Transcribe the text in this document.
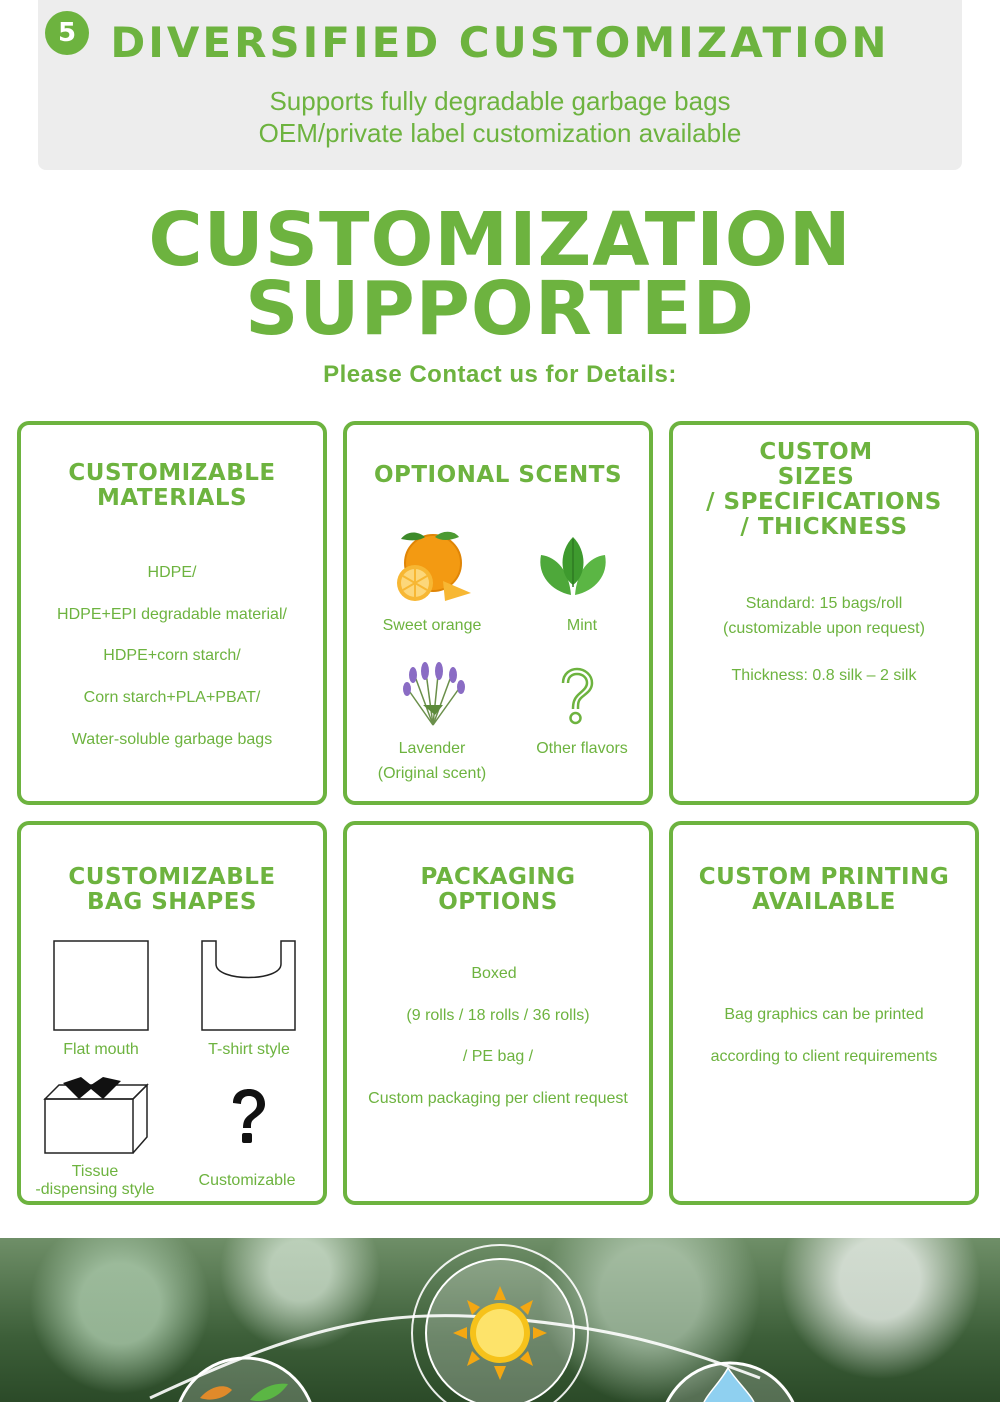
5 DIVERSIFIED CUSTOMIZATION
Supports fully degradable garbage bags
OEM/private label customization available
CUSTOMIZATION
SUPPORTED
Please Contact us for Details:
CUSTOMIZABLE
MATERIALS
HDPE/
HDPE+EPI degradable material/
HDPE+corn starch/
Corn starch+PLA+PBAT/
Water-soluble garbage bags
OPTIONAL SCENTS
Sweet orange	Mint
Lavender
(Original scent)
Other flavors
CUSTOM
SIZES
/ SPECIFICATIONS
/ THICKNESS
Standard: 15 bags/roll
(customizable upon request)
Thickness: 0.8 silk – 2 silk
CUSTOMIZABLE
BAG SHAPES
Flat mouth	T-shirt style
Tissue
-dispensing style
Customizable
PACKAGING
OPTIONS
Boxed
(9 rolls / 18 rolls / 36 rolls)
/ PE bag /
Custom packaging per client request
CUSTOM PRINTING
AVAILABLE
Bag graphics can be printed
according to client requirements
